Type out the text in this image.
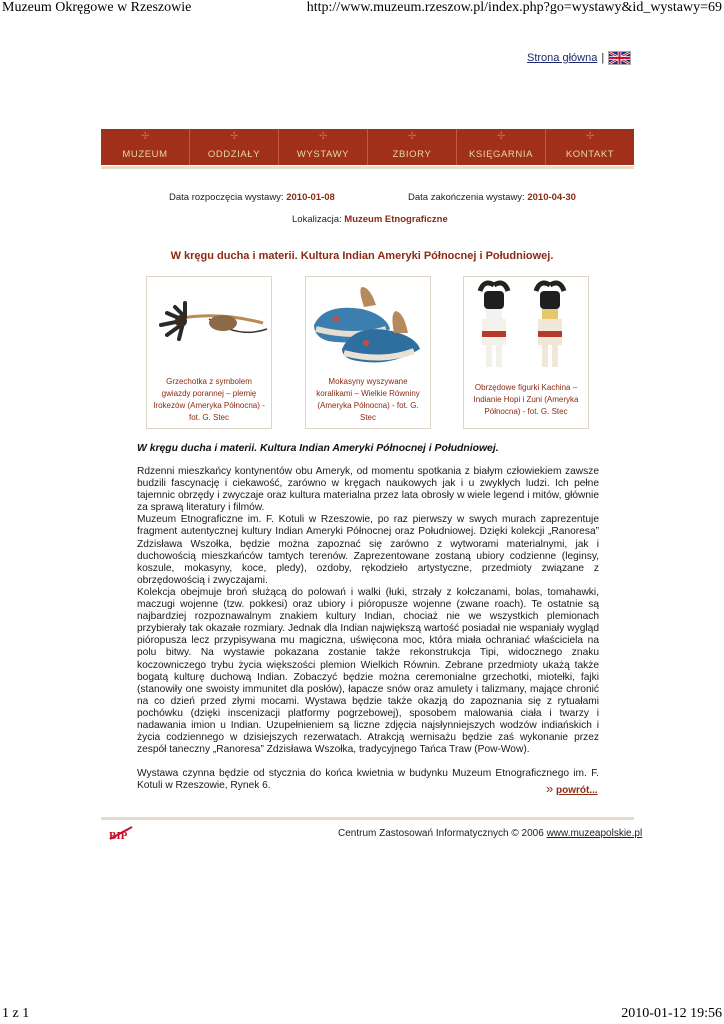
Muzeum Okręgowe w Rzeszowie	http://www.muzeum.rzeszow.pl/index.php?go=wystawy&id_wystawy=69
Strona główna |
✢
MUZEUM
✢
ODDZIAŁY
✢
WYSTAWY
✢
ZBIORY
✢
KSIĘGARNIA
✢
KONTAKT
Data rozpoczęcia wystawy: 2010-01-08	Data zakończenia wystawy: 2010-04-30
Lokalizacja: Muzeum Etnograficzne
W kręgu ducha i materii. Kultura Indian Ameryki Północnej i Południowej.
Grzechotka z symbolem gwiazdy porannej – plemię Irokezów (Ameryka Północna) - fot. G. Stec
Mokasyny wyszywane koralikami – Wielkie Równiny (Ameryka Północna) - fot. G. Stec
Obrzędowe figurki Kachina – Indianie Hopi i Zuni (Ameryka Północna) - fot. G. Stec
W kręgu ducha i materii. Kultura Indian Ameryki Północnej i Południowej.
Rdzenni mieszkańcy kontynentów obu Ameryk, od momentu spotkania z białym człowiekiem zawsze budzili fascynację i ciekawość, zarówno w kręgach naukowych jak i u zwykłych ludzi. Ich pełne tajemnic obrzędy i zwyczaje oraz kultura materialna przez lata obrosły w wiele legend i mitów, głównie za sprawą literatury i filmów.
Muzeum Etnograficzne im. F. Kotuli w Rzeszowie, po raz pierwszy w swych murach zaprezentuje fragment autentycznej kultury Indian Ameryki Północnej oraz Południowej. Dzięki kolekcji „Ranoresa” Zdzisława Wszołka, będzie można zapoznać się zarówno z wytworami materialnymi, jak i duchowością mieszkańców tamtych terenów. Zaprezentowane zostaną ubiory codzienne (leginsy, koszule, mokasyny, koce, pledy), ozdoby, rękodzieło artystyczne, przedmioty związane z obrzędowością i zwyczajami.
Kolekcja obejmuje broń służącą do polowań i walki (łuki, strzały z kołczanami, bolas, tomahawki, maczugi wojenne (tzw. pokkesi) oraz ubiory i pióropusze wojenne (zwane roach). Te ostatnie są najbardziej rozpoznawalnym znakiem kultury Indian, chociaż nie we wszystkich plemionach przybierały tak okazałe rozmiary. Jednak dla Indian największą wartość posiadał nie wspaniały wygląd pióropusza lecz przypisywana mu magiczna, uświęcona moc, która miała ochraniać właściciela na polu bitwy. Na wystawie pokazana zostanie także rekonstrukcja Tipi, widocznego znaku koczowniczego trybu życia większości plemion Wielkich Równin. Zebrane przedmioty ukażą także bogatą kulturę duchową Indian. Zobaczyć będzie można ceremonialne grzechotki, miotełki, fajki (stanowiły one swoisty immunitet dla posłów), łapacze snów oraz amulety i talizmany, mające chronić na co dzień przed złymi mocami. Wystawa będzie także okazją do zapoznania się z rytuałami pochówku (dzięki inscenizacji platformy pogrzebowej), sposobem malowania ciała i twarzy i nadawania imion u Indian. Uzupełnieniem są liczne zdjęcia najsłynniejszych wodzów indiańskich i życia codziennego w dzisiejszych rezerwatach. Atrakcją wernisażu będzie zaś wykonanie przez zespół taneczny „Ranoresa” Zdzisława Wszołka, tradycyjnego Tańca Traw (Pow-Wow).
Wystawa czynna będzie od stycznia do końca kwietnia w budynku Muzeum Etnograficznego im. F. Kotuli w Rzeszowie, Rynek 6.	» powrót...
BIP	Centrum Zastosowań Informatycznych © 2006 www.muzeapolskie.pl
1 z 1	2010-01-12 19:56
